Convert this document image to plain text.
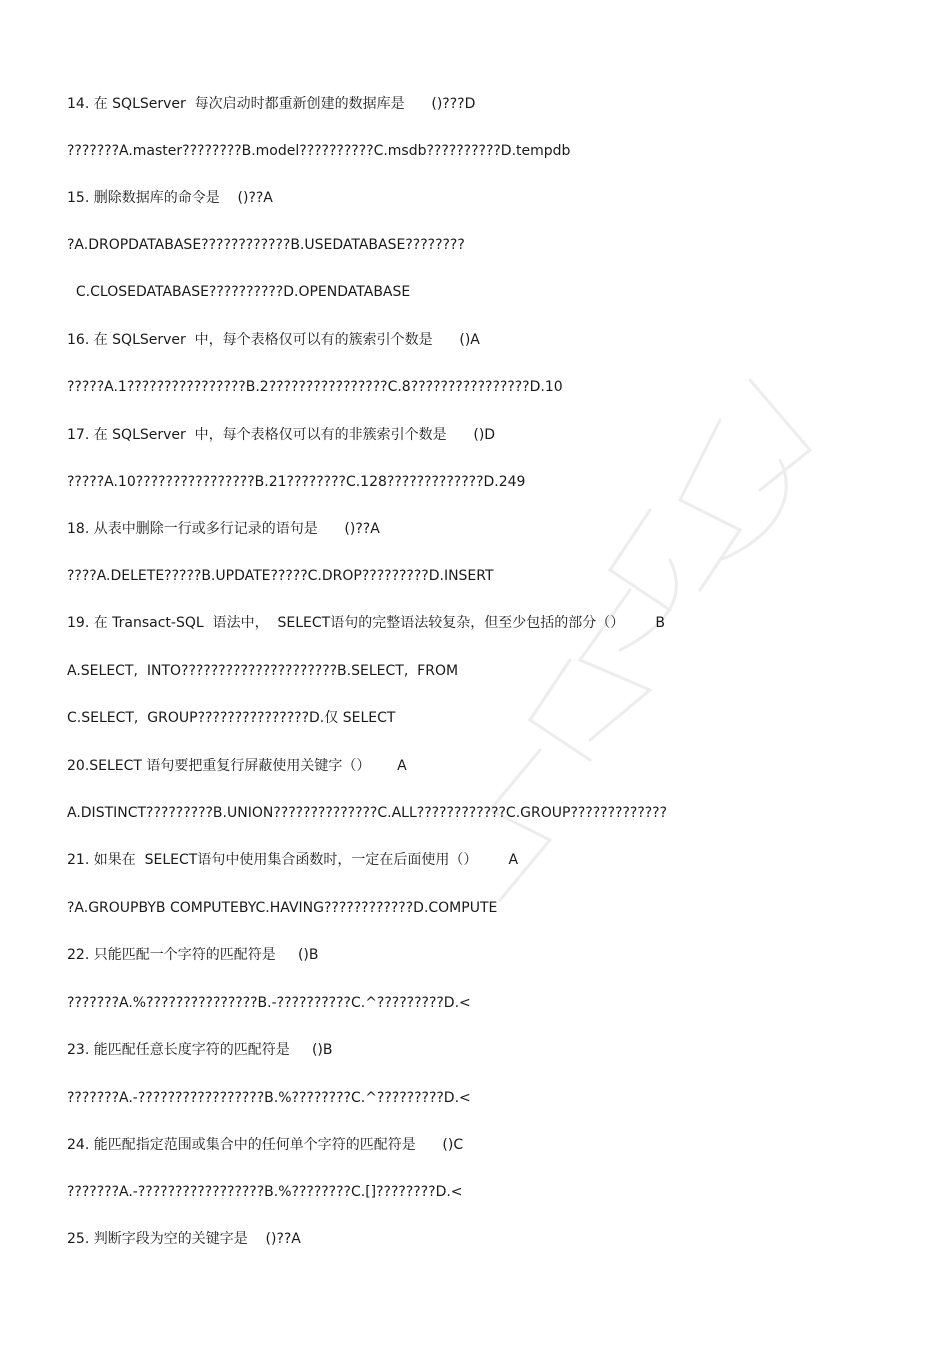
14. 在 SQLServer  每次启动时都重新创建的数据库是      ()???D
???????A.master????????B.model??????????C.msdb??????????D.tempdb
15. 删除数据库的命令是    ()??A
?A.DROPDATABASE????????????B.USEDATABASE????????
C.CLOSEDATABASE??????????D.OPENDATABASE
16. 在 SQLServer  中，每个表格仅可以有的簇索引个数是      ()A
?????A.1????????????????B.2????????????????C.8????????????????D.10
17. 在 SQLServer  中，每个表格仅可以有的非簇索引个数是      ()D
?????A.10????????????????B.21????????C.128?????????????D.249
18. 从表中删除一行或多行记录的语句是      ()??A
????A.DELETE?????B.UPDATE?????C.DROP?????????D.INSERT
19. 在 Transact-SQL  语法中，  SELECT语句的完整语法较复杂，但至少包括的部分（）       B
A.SELECT,  INTO?????????????????????B.SELECT,  FROM
C.SELECT,  GROUP???????????????D.仅 SELECT
20.SELECT 语句要把重复行屏蔽使用关键字（）      A
A.DISTINCT?????????B.UNION??????????????C.ALL????????????C.GROUP?????????????
21. 如果在  SELECT语句中使用集合函数时，一定在后面使用（）       A
?A.GROUPBYB COMPUTEBYC.HAVING????????????D.COMPUTE
22. 只能匹配一个字符的匹配符是     ()B
???????A.%???????????????B.-??????????C.^?????????D.<
23. 能匹配任意长度字符的匹配符是     ()B
???????A.-?????????????????B.%????????C.^?????????D.<
24. 能匹配指定范围或集合中的任何单个字符的匹配符是      ()C
???????A.-?????????????????B.%????????C.[]????????D.<
25. 判断字段为空的关键字是    ()??A
